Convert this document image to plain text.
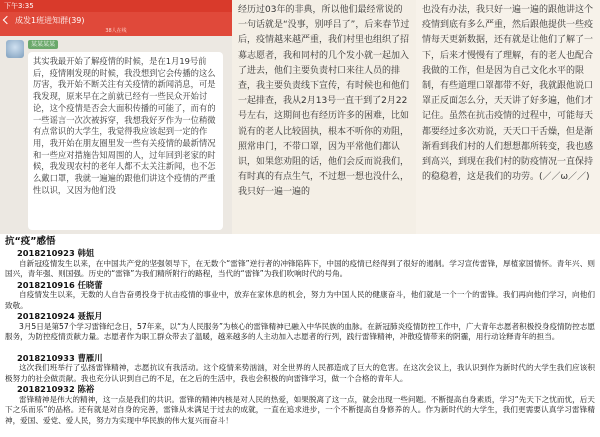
下午3:35
成发1班进知群(39)
38人在线
某某某某
其实我最开始了解疫情的时候，是在1月19号前后，疫情刚发现的时候，我没想到它会传播的这么厉害，我开始不断关注有关疫情的新闻消息，可是我发现，原来早在之前就已经有一些民众开始讨论，这个疫情是否会大面积传播的可能了，而有的一些谣言一次次被拆穿，我想我好歹作为一位稍微有点常识的大学生，我觉得我应该起到一定的作用，我开始在朋友圈里发一些有关疫情的最新情况和一些应对措施告知周围的人，过年回到老家的时候，我发现农村的老年人都不太关注新闻，也不怎么戴口罩，我就一遍遍的跟他们讲这个疫情的严重性以识，又因为他们没
经历过03年的非典，所以他们最经常说的一句话就是“没事，别呼吕了”，后来春节过后，疫情越来越严重，我们村里也组织了招募志愿者，我和同村的几个发小就一起加入了进去，他们主要负责村口来往人员的排查，我主要负责线下宣传，有时候也和他们一起排查，我从2月13号一直干到了2月22号左右，这期间也有经历许多的困难，比如说有的老人比较固执，根本不听你的劝阻，照常串门，不带口罩，因为平常他们都认识，如果您劝阻的话，他们会反而说我们，有时真的有点生气，不过想一想也没什么，我只好一遍一遍的
也没有办法，我只好一遍一遍的跟他讲这个疫情到底有多么严重，然后跟他提供一些疫情每天更新数据，还有就是让他们了解了一下，后来才慢慢有了理解，有的老人也配合我做的工作，但是因为自己文化水平的限制，有些道理口罩都带不好，我就跟他说口罩正反面怎么分，天天讲了好多遍，他们才记住。虽然在抗击疫情的过程中，可能每天都要经过多次劝说，天天口干舌燥，但是渐渐看到我们村的人们想想都所转变，我也感到高兴，到现在我们村的防疫情况一直保持的稳稳着，这是我们的功劳。(／／ω／／)
抗“疫”感悟
2018210923 韩姐
自新冠疫情发生以来，在中国共产党的坚强领导下，在无数个“雷锋”逆行者的冲锋陷阵下，中国的疫情已经得到了很好的遏制。学习宣传雷锋，厚植家国情怀。青年兴、则国兴，青年强、则国强。历史的“雷锋”为我们精所附行的路程，当代的“雷锋”为我们吹响时代的号角。
2018210916 任晓蕾
自疫情发生以来，无数的人自告奋勇投身于抗击疫情的事业中，放弃在家休息的机会，努力为中国人民的健康奋斗，他们就是一个一个的雷锋。我们再向他们学习，向他们致敬。
2018210924 聂振月
3月5日是第57个学习雷锋纪念日，57年来，以“为人民服务”为核心的雷锋精神已融入中华民族的血脉。在新冠肺炎疫情防控工作中，广大青年志愿者积极投身疫情防控志愿服务，为防控疫情贡献力量。志愿者作为职工群众带去了温暖，越来越多的人主动加入志愿者的行列，践行雷锋精神，冲散疫情带来的阴霾，用行动诠释青年的担当。
2018210933 曹雁川
这次我们班举行了弘扬雷锋精神，志愿抗议有我活动。这个疫情来势汹汹，对全世界的人民都造成了巨大的危害。在这次会议上，我认识到作为新时代的大学生我们应该积极努力的社会做贡献。我也充分认识到自己的不足，在之后的生活中，我也会积极的向雷锋学习，做一个合格的青年人。
2018210932 陈裕
雷锋精神是伟大的精神，这一点是我们的共识。雷锋的精神内核是对人民的热爱，如果脱离了这一点，就会出现一些问题。不断提高自身素质，学习“先天下之忧而忧，后天下之乐而乐”的品格。还有就是对自身的完善，雷锋从未满足于过去的成就，一直在追求进步，一个不断提高自身修养的人。作为新时代的大学生，我们更需要认真学习雷锋精神，爱国、爱党、爱人民，努力为实现中华民族的伟大复兴而奋斗！
